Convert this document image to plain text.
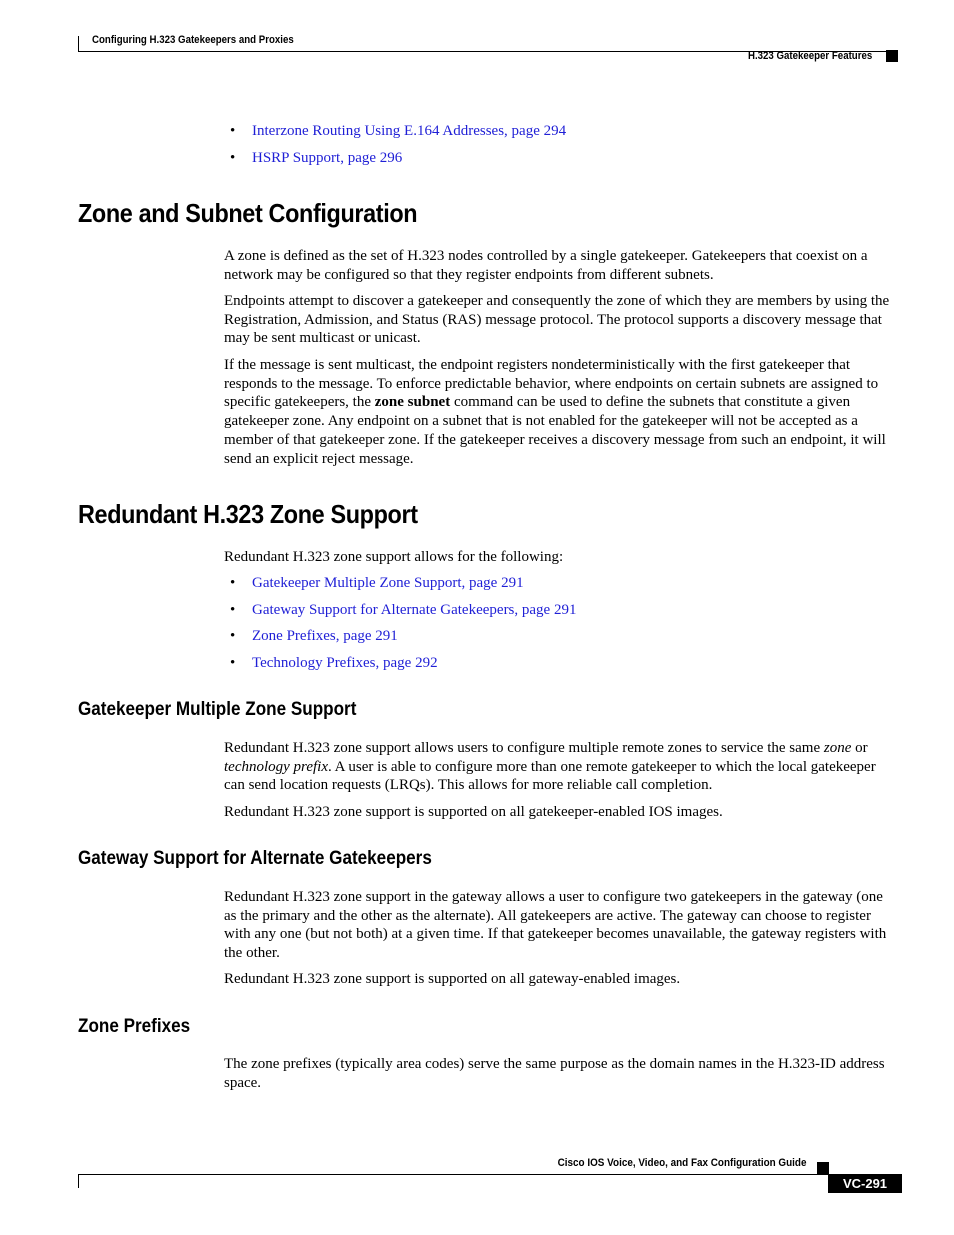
Configuring H.323 Gatekeepers and Proxies
H.323 Gatekeeper Features
• Interzone Routing Using E.164 Addresses, page 294
• HSRP Support, page 296
Zone and Subnet Configuration

A zone is defined as the set of H.323 nodes controlled by a single gatekeeper. Gatekeepers that coexist on a network may be configured so that they register endpoints from different subnets.

Endpoints attempt to discover a gatekeeper and consequently the zone of which they are members by using the Registration, Admission, and Status (RAS) message protocol. The protocol supports a discovery message that may be sent multicast or unicast.

If the message is sent multicast, the endpoint registers nondeterministically with the first gatekeeper that responds to the message. To enforce predictable behavior, where endpoints on certain subnets are assigned to specific gatekeepers, the zone subnet command can be used to define the subnets that constitute a given gatekeeper zone. Any endpoint on a subnet that is not enabled for the gatekeeper will not be accepted as a member of that gatekeeper zone. If the gatekeeper receives a discovery message from such an endpoint, it will send an explicit reject message.

Redundant H.323 Zone Support

Redundant H.323 zone support allows for the following:

• Gatekeeper Multiple Zone Support, page 291
• Gateway Support for Alternate Gatekeepers, page 291
• Zone Prefixes, page 291
• Technology Prefixes, page 292
Gatekeeper Multiple Zone Support

Redundant H.323 zone support allows users to configure multiple remote zones to service the same zone or technology prefix. A user is able to configure more than one remote gatekeeper to which the local gatekeeper can send location requests (LRQs). This allows for more reliable call completion.

Redundant H.323 zone support is supported on all gatekeeper-enabled IOS images.

Gateway Support for Alternate Gatekeepers

Redundant H.323 zone support in the gateway allows a user to configure two gatekeepers in the gateway (one as the primary and the other as the alternate). All gatekeepers are active. The gateway can choose to register with any one (but not both) at a given time. If that gatekeeper becomes unavailable, the gateway registers with the other.

Redundant H.323 zone support is supported on all gateway-enabled images.

Zone Prefixes

The zone prefixes (typically area codes) serve the same purpose as the domain names in the H.323-ID address space.

Cisco IOS Voice, Video, and Fax Configuration Guide
VC-291
